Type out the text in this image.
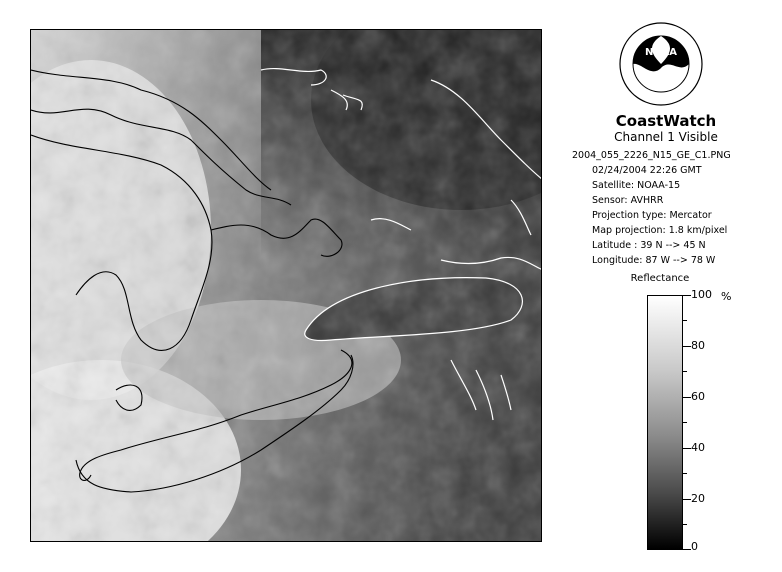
NOAA
CoastWatch
Channel 1 Visible
2004_055_2226_N15_GE_C1.PNG
02/24/2004 22:26 GMT
Satellite: NOAA-15
Sensor: AVHRR
Projection type: Mercator
Map projection: 1.8 km/pixel
Latitude : 39 N --> 45 N
Longitude: 87 W --> 78 W
Reflectance
%
100
80
60
40
20
0
